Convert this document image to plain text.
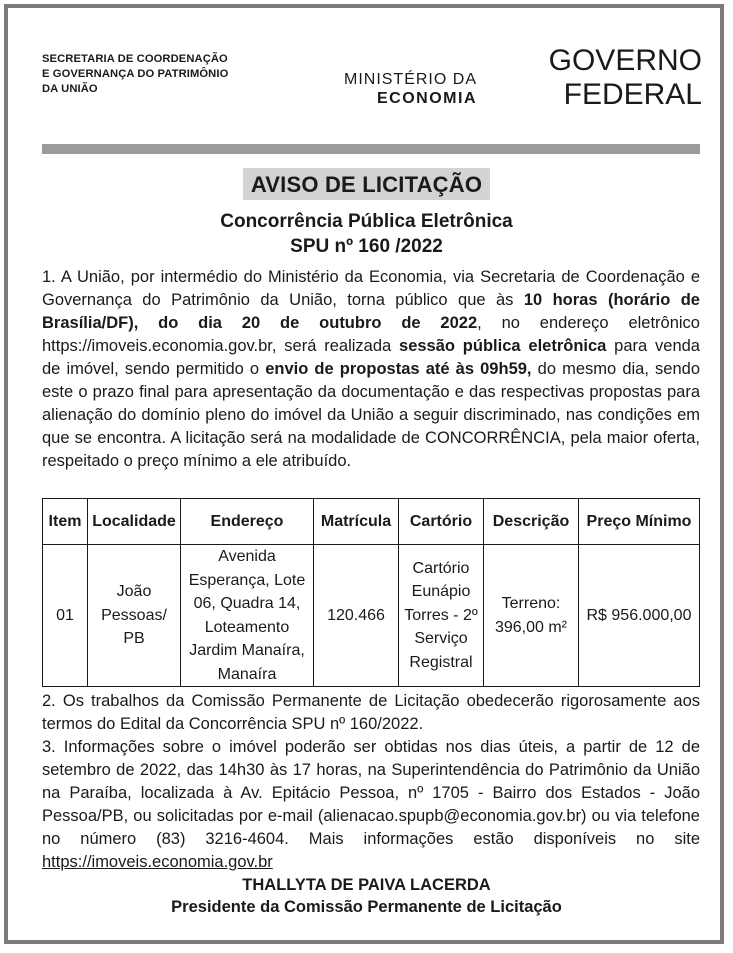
SECRETARIA DE COORDENAÇÃO
E GOVERNANÇA DO PATRIMÔNIO
DA UNIÃO
MINISTÉRIO DA
ECONOMIA
GOVERNO
FEDERAL
AVISO DE LICITAÇÃO
Concorrência Pública Eletrônica
SPU nº 160 /2022
1. A União, por intermédio do Ministério da Economia, via Secretaria de Coordenação e Governança do Patrimônio da União, torna público que às 10 horas (horário de Brasília/DF), do dia 20 de outubro de 2022, no endereço eletrônico https://imoveis.economia.gov.br, será realizada sessão pública eletrônica para venda de imóvel, sendo permitido o envio de propostas até às 09h59, do mesmo dia, sendo este o prazo final para apresentação da documentação e das respectivas propostas para alienação do domínio pleno do imóvel da União a seguir discriminado, nas condições em que se encontra. A licitação será na modalidade de CONCORRÊNCIA, pela maior oferta, respeitado o preço mínimo a ele atribuído.
Item	Localidade	Endereço	Matrícula	Cartório	Descrição	Preço Mínimo
01	João Pessoas/ PB	Avenida Esperança, Lote 06, Quadra 14, Loteamento Jardim Manaíra, Manaíra	120.466	Cartório Eunápio Torres - 2º Serviço Registral	Terreno: 396,00 m²	R$ 956.000,00
2. Os trabalhos da Comissão Permanente de Licitação obedecerão rigorosamente aos termos do Edital da Concorrência SPU nº 160/2022.
3. Informações sobre o imóvel poderão ser obtidas nos dias úteis, a partir de 12 de setembro de 2022, das 14h30 às 17 horas, na Superintendência do Patrimônio da União na Paraíba, localizada à Av. Epitácio Pessoa, nº 1705 - Bairro dos Estados - João Pessoa/PB, ou solicitadas por e-mail (alienacao.spupb@economia.gov.br) ou via telefone no número (83) 3216-4604. Mais informações estão disponíveis no site https://imoveis.economia.gov.br
THALLYTA DE PAIVA LACERDA
Presidente da Comissão Permanente de Licitação
